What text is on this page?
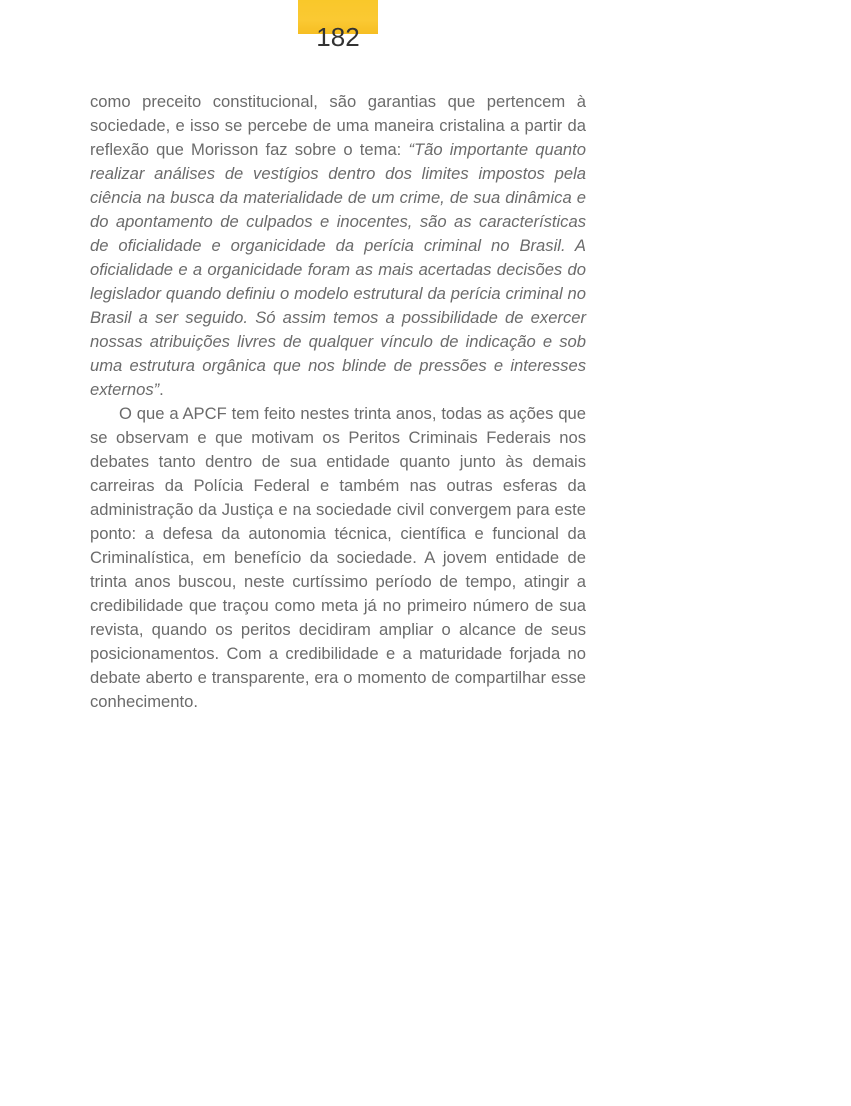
182

como preceito constitucional, são garantias que pertencem à sociedade, e isso se percebe de uma maneira cristalina a partir da reflexão que Morisson faz sobre o tema: “Tão importante quanto realizar análises de vestígios dentro dos limites impostos pela ciência na busca da materialidade de um crime, de sua dinâmica e do apontamento de culpados e inocentes, são as características de oficialidade e organicidade da perícia criminal no Brasil. A oficialidade e a organicidade foram as mais acertadas decisões do legislador quando definiu o modelo estrutural da perícia criminal no Brasil a ser seguido. Só assim temos a possibilidade de exercer nossas atribuições livres de qualquer vínculo de indicação e sob uma estrutura orgânica que nos blinde de pressões e interesses externos”.

O que a APCF tem feito nestes trinta anos, todas as ações que se observam e que motivam os Peritos Criminais Federais nos debates tanto dentro de sua entidade quanto junto às demais carreiras da Polícia Federal e também nas outras esferas da administração da Justiça e na sociedade civil convergem para este ponto: a defesa da autonomia técnica, científica e funcional da Criminalística, em benefício da sociedade. A jovem entidade de trinta anos buscou, neste curtíssimo período de tempo, atingir a credibilidade que traçou como meta já no primeiro número de sua revista, quando os peritos decidiram ampliar o alcance de seus posicionamentos. Com a credibilidade e a maturidade forjada no debate aberto e transparente, era o momento de compartilhar esse conhecimento.
